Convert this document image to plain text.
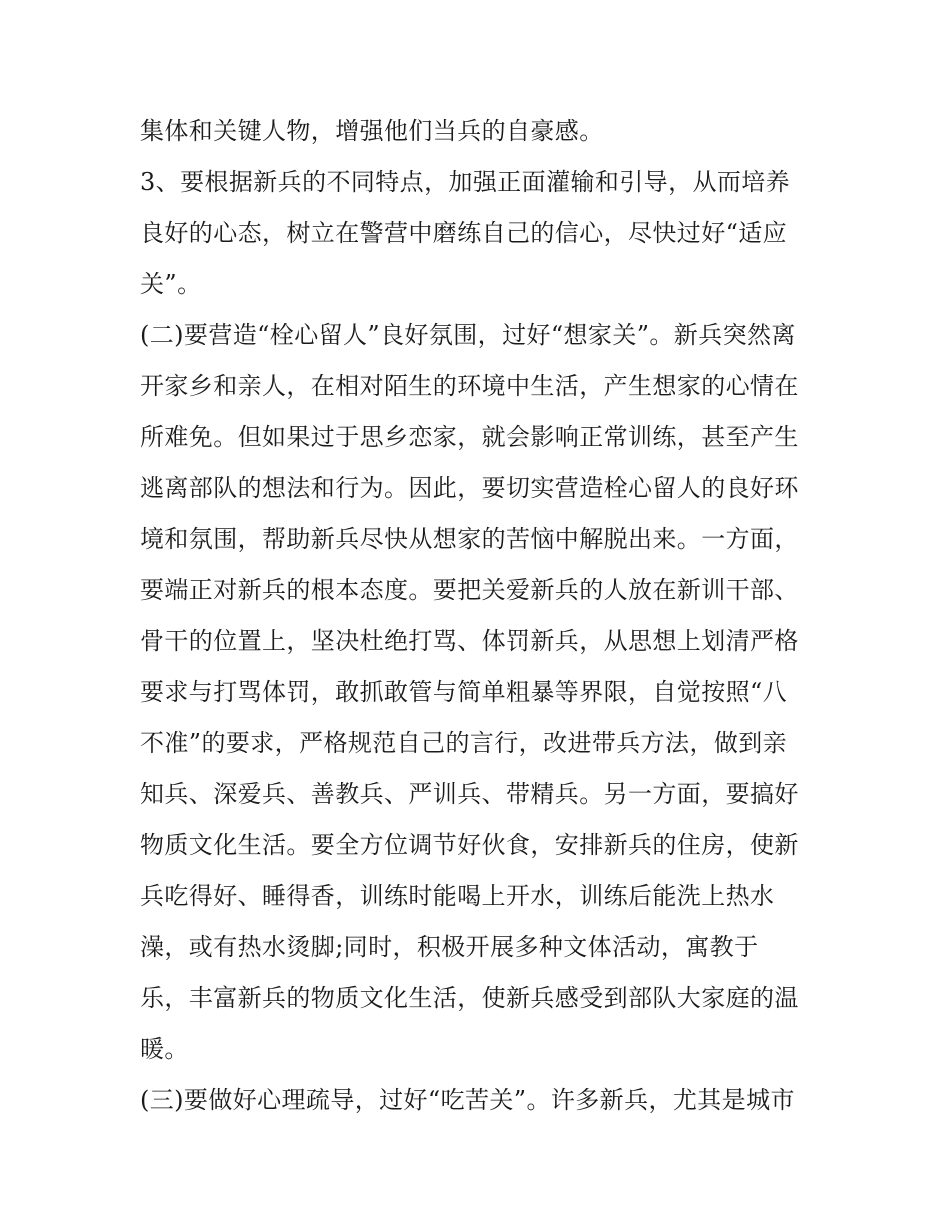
集体和关键人物，增强他们当兵的自豪感。
3、要根据新兵的不同特点，加强正面灌输和引导，从而培养
良好的心态，树立在警营中磨练自己的信心，尽快过好“适应
关”。
(二)要营造“栓心留人”良好氛围，过好“想家关”。新兵突然离
开家乡和亲人，在相对陌生的环境中生活，产生想家的心情在
所难免。但如果过于思乡恋家，就会影响正常训练，甚至产生
逃离部队的想法和行为。因此，要切实营造栓心留人的良好环
境和氛围，帮助新兵尽快从想家的苦恼中解脱出来。一方面，
要端正对新兵的根本态度。要把关爱新兵的人放在新训干部、
骨干的位置上，坚决杜绝打骂、体罚新兵，从思想上划清严格
要求与打骂体罚，敢抓敢管与简单粗暴等界限，自觉按照“八
不准”的要求，严格规范自己的言行，改进带兵方法，做到亲
知兵、深爱兵、善教兵、严训兵、带精兵。另一方面，要搞好
物质文化生活。要全方位调节好伙食，安排新兵的住房，使新
兵吃得好、睡得香，训练时能喝上开水，训练后能洗上热水
澡，或有热水烫脚;同时，积极开展多种文体活动，寓教于
乐，丰富新兵的物质文化生活，使新兵感受到部队大家庭的温
暖。
(三)要做好心理疏导，过好“吃苦关”。许多新兵，尤其是城市
